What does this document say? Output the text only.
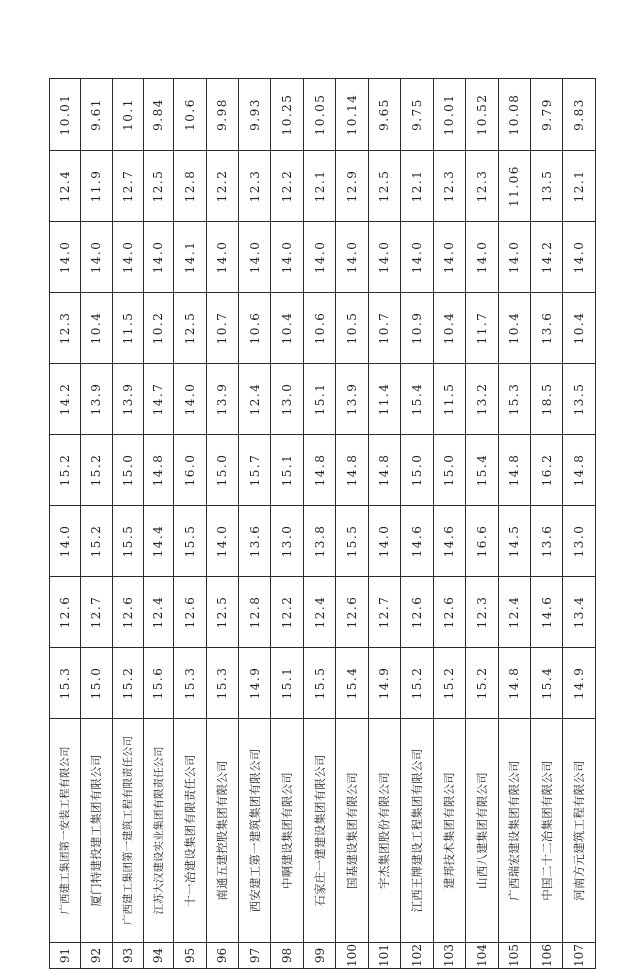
91	广西建工集团第一安装工程有限公司	15.3	12.6	14.0	15.2	14.2	12.3	14.0	12.4	10.01
92	厦门特建投建工集团有限公司	15.0	12.7	15.2	15.2	13.9	10.4	14.0	11.9	9.61
93	广西建工集团第一建筑工程有限责任公司	15.2	12.6	15.5	15.0	13.9	11.5	14.0	12.7	10.1
94	江苏大汉建设实业集团有限责任公司	15.6	12.4	14.4	14.8	14.7	10.2	14.0	12.5	9.84
95	十一冶建设集团有限责任公司	15.3	12.6	15.5	16.0	14.0	12.5	14.1	12.8	10.6
96	南通五建控股集团有限公司	15.3	12.5	14.0	15.0	13.9	10.7	14.0	12.2	9.98
97	西安建工第一建筑集团有限公司	14.9	12.8	13.6	15.7	12.4	10.6	14.0	12.3	9.93
98	中啊建设集团有限公司	15.1	12.2	13.0	15.1	13.0	10.4	14.0	12.2	10.25
99	石家庄一建建设集团有限公司	15.5	12.4	13.8	14.8	15.1	10.6	14.0	12.1	10.05
100	国基建设集团有限公司	15.4	12.6	15.5	14.8	13.9	10.5	14.0	12.9	10.14
101	宇杰集团股份有限公司	14.9	12.7	14.0	14.8	11.4	10.7	14.0	12.5	9.65
102	江西王牌建设工程集团有限公司	15.2	12.6	14.6	15.0	15.4	10.9	14.0	12.1	9.75
103	建邦技术集团有限公司	15.2	12.6	14.6	15.0	11.5	10.4	14.0	12.3	10.01
104	山西八建集团有限公司	15.2	12.3	16.6	15.4	13.2	11.7	14.0	12.3	10.52
105	广西瑞宏建设集团有限公司	14.8	12.4	14.5	14.8	15.3	10.4	14.0	11.06	10.08
106	中国二十二冶集团有限公司	15.4	14.6	13.6	16.2	18.5	13.6	14.2	13.5	9.79
107	河南方元建筑工程有限公司	14.9	13.4	13.0	14.8	13.5	10.4	14.0	12.1	9.83
